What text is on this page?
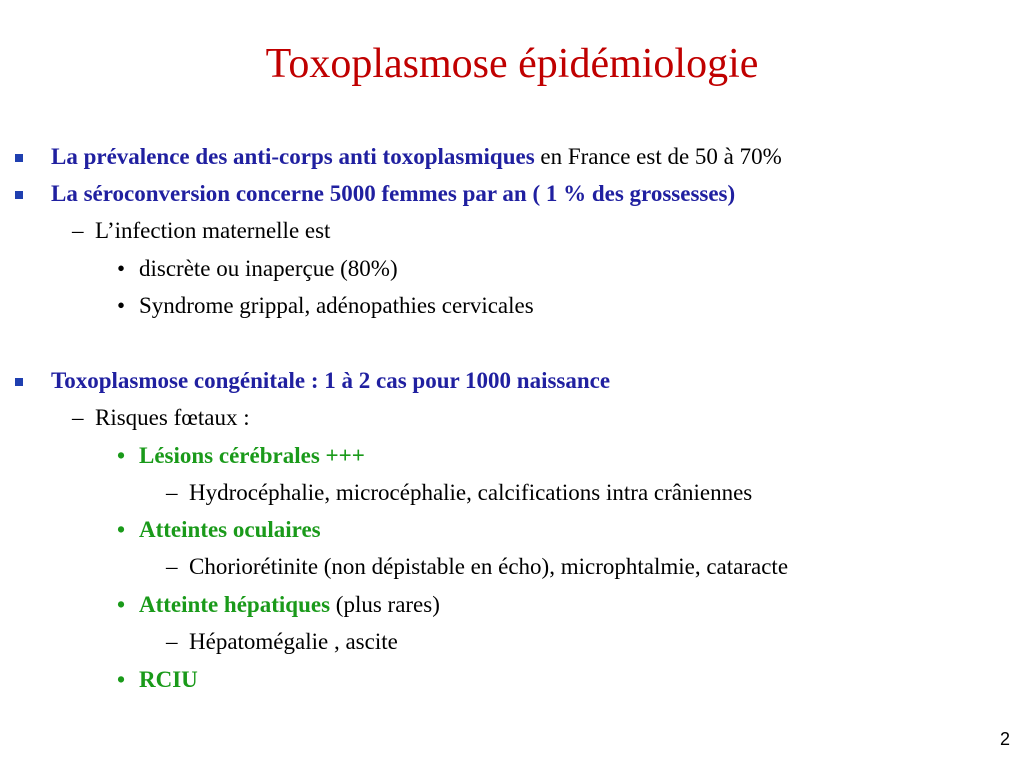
Toxoplasmose épidémiologie
La prévalence des anti-corps anti toxoplasmiques en France est de 50 à 70%
La séroconversion concerne 5000 femmes par an ( 1 % des grossesses)
– L’infection maternelle est
• discrète ou inaperçue (80%)
• Syndrome grippal, adénopathies cervicales
Toxoplasmose congénitale : 1 à 2 cas pour 1000 naissance
– Risques fœtaux :
• Lésions cérébrales +++
– Hydrocéphalie, microcéphalie, calcifications intra crâniennes
• Atteintes oculaires
– Choriorétinite (non dépistable en écho), microphtalmie, cataracte
• Atteinte hépatiques (plus rares)
– Hépatomégalie , ascite
• RCIU
2
